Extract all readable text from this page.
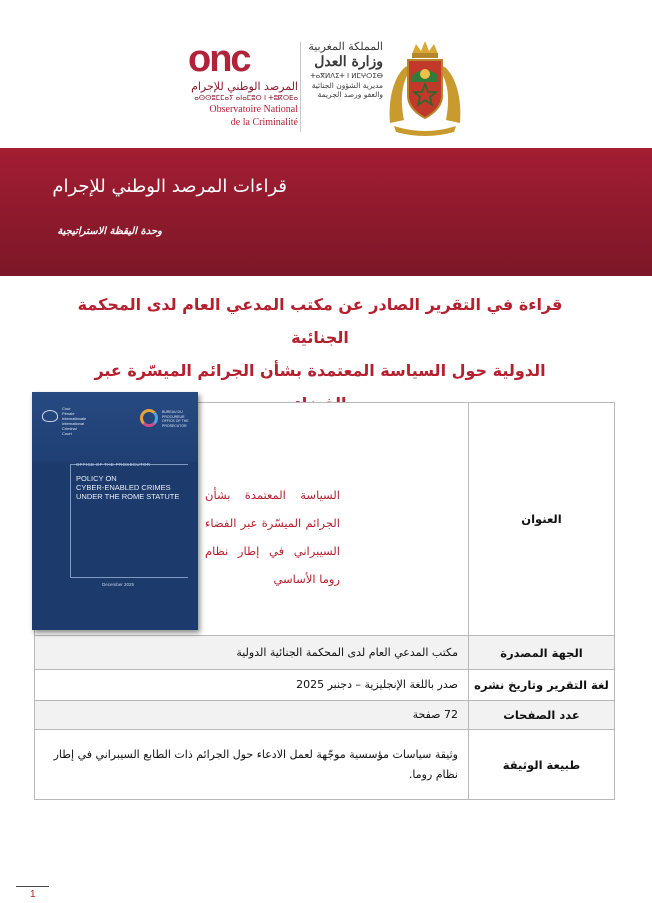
onc
المرصد الوطني للإجرام
ⴰⵙⵙⵓⵎⵎⴰⵢ ⴰⵏⴰⵎⵓⵔ ⵏ ⵜⵓⴽⵔⴹⴰ
Observatoire National
de la Criminalité
المملكة المغربية
وزارة العدل
ⵜⴰⴳⵍⴷⵉⵜ ⵏ ⵍⵎⵖⵔⵉⴱ
مديرية الشؤون الجنائية والعفو ورصد الجريمة
قراءات المرصد الوطني للإجرام
وحدة اليقظة الاستراتيجية
قراءة في التقرير الصادر عن مكتب المدعي العام لدى المحكمة الجنائية
الدولية حول السياسة المعتمدة بشأن الجرائم الميسّرة عبر
العنوان	السياسة المعتمدة بشأن الجرائم الميسّرة عبر الفضاء السيبراني في إطار نظام روما الأساسي

الجهة المصدرة	مكتب المدعي العام لدى المحكمة الجنائية الدولية
لغة التقرير وتاريخ نشره	صدر باللغة الإنجليزية – دجنبر 2025
عدد الصفحات	72 صفحة
طبيعة الوثيقة	وثيقة سياسات مؤسسية موجّهة لعمل الادعاء حول الجرائم ذات الطابع السيبراني في إطار نظام روما.
Cour
Pénale
Internationale
International
Criminal
Court
BUREAU DU PROCUREUR OFFICE OF THE PROSECUTOR
OFFICE OF THE PROSECUTOR
POLICY ON
CYBER-ENABLED CRIMES
UNDER THE ROME STATUTE
December 2025
1
